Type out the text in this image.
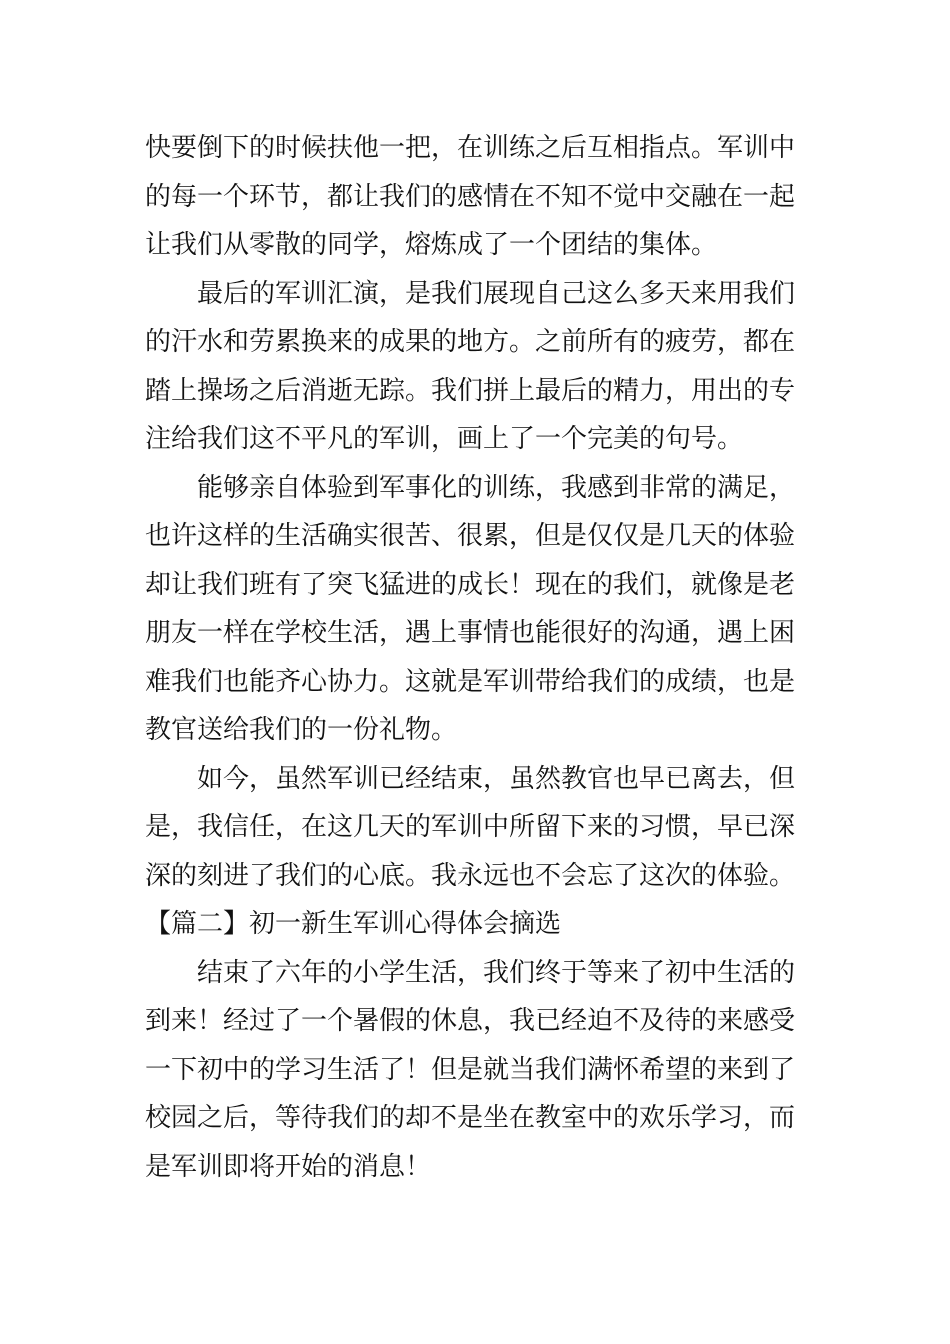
快要倒下的时候扶他一把，在训练之后互相指点。军训中
的每一个环节，都让我们的感情在不知不觉中交融在一起
让我们从零散的同学，熔炼成了一个团结的集体。
最后的军训汇演，是我们展现自己这么多天来用我们
的汗水和劳累换来的成果的地方。之前所有的疲劳，都在
踏上操场之后消逝无踪。我们拼上最后的精力，用出的专
注给我们这不平凡的军训，画上了一个完美的句号。
能够亲自体验到军事化的训练，我感到非常的满足，
也许这样的生活确实很苦、很累，但是仅仅是几天的体验
却让我们班有了突飞猛进的成长！现在的我们，就像是老
朋友一样在学校生活，遇上事情也能很好的沟通，遇上困
难我们也能齐心协力。这就是军训带给我们的成绩，也是
教官送给我们的一份礼物。
如今，虽然军训已经结束，虽然教官也早已离去，但
是，我信任，在这几天的军训中所留下来的习惯，早已深
深的刻进了我们的心底。我永远也不会忘了这次的体验。
【篇二】初一新生军训心得体会摘选
结束了六年的小学生活，我们终于等来了初中生活的
到来！经过了一个暑假的休息，我已经迫不及待的来感受
一下初中的学习生活了！但是就当我们满怀希望的来到了
校园之后，等待我们的却不是坐在教室中的欢乐学习，而
是军训即将开始的消息！
